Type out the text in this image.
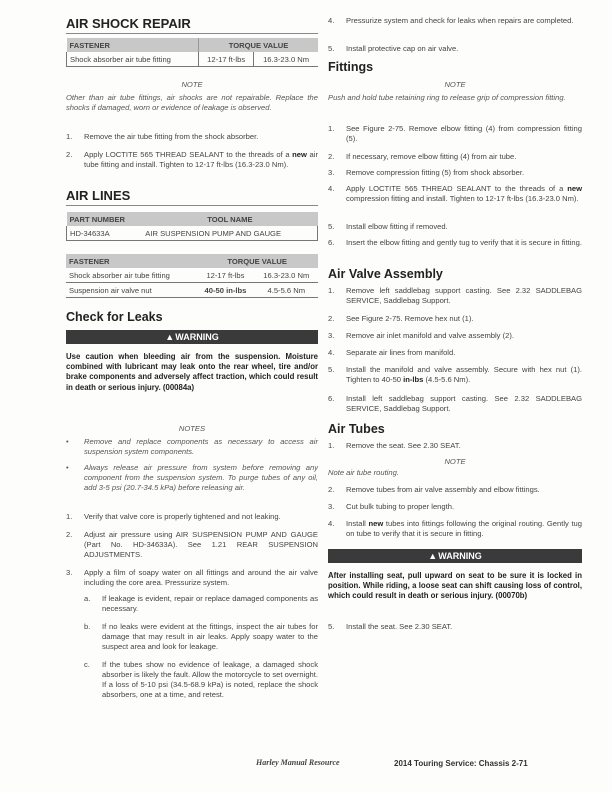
AIR SHOCK REPAIR
FASTENER	TORQUE VALUE	
Shock absorber air tube fitting	12-17 ft-lbs	16.3-23.0 Nm
NOTE
Other than air tube fittings, air shocks are not repairable. Replace the shocks if damaged, worn or evidence of leakage is observed.
1. Remove the air tube fitting from the shock absorber.
2. Apply LOCTITE 565 THREAD SEALANT to the threads of a new air tube fitting and install. Tighten to 12-17 ft-lbs (16.3-23.0 Nm).
AIR LINES
PART NUMBER	TOOL NAME
HD-34633A	AIR SUSPENSION PUMP AND GAUGE
FASTENER	TORQUE VALUE	
Shock absorber air tube fitting	12-17 ft-lbs	16.3-23.0 Nm
Suspension air valve nut	40-50 in-lbs	4.5-5.6 Nm
Check for Leaks
▲WARNING
Use caution when bleeding air from the suspension. Moisture combined with lubricant may leak onto the rear wheel, tire and/or brake components and adversely affect traction, which could result in death or serious injury. (00084a)
NOTES
• Remove and replace components as necessary to access air suspension system components.
• Always release air pressure from system before removing any component from the suspension system. To purge tubes of any oil, add 3-5 psi (20.7-34.5 kPa) before releasing air.
1. Verify that valve core is properly tightened and not leaking.
2. Adjust air pressure using AIR SUSPENSION PUMP AND GAUGE (Part No. HD-34633A). See 1.21 REAR SUSPENSION ADJUSTMENTS.
3. Apply a film of soapy water on all fittings and around the air valve including the core area. Pressurize system.
a. If leakage is evident, repair or replace damaged components as necessary.
b. If no leaks were evident at the fittings, inspect the air tubes for damage that may result in air leaks. Apply soapy water to the suspect area and look for leakage.
c. If the tubes show no evidence of leakage, a damaged shock absorber is likely the fault. Allow the motorcycle to set overnight. If a loss of 5-10 psi (34.5-68.9 kPa) is noted, replace the shock absorbers, one at a time, and retest.
4. Pressurize system and check for leaks when repairs are completed.
5. Install protective cap on air valve.
Fittings
NOTE
Push and hold tube retaining ring to release grip of compression fitting.
1. See Figure 2-75. Remove elbow fitting (4) from compression fitting (5).
2. If necessary, remove elbow fitting (4) from air tube.
3. Remove compression fitting (5) from shock absorber.
4. Apply LOCTITE 565 THREAD SEALANT to the threads of a new compression fitting and install. Tighten to 12-17 ft-lbs (16.3-23.0 Nm).
5. Install elbow fitting if removed.
6. Insert the elbow fitting and gently tug to verify that it is secure in fitting.
Air Valve Assembly
1. Remove left saddlebag support casting. See 2.32 SADDLEBAG SERVICE, Saddlebag Support.
2. See Figure 2-75. Remove hex nut (1).
3. Remove air inlet manifold and valve assembly (2).
4. Separate air lines from manifold.
5. Install the manifold and valve assembly. Secure with hex nut (1). Tighten to 40-50 in-lbs (4.5-5.6 Nm).
6. Install left saddlebag support casting. See 2.32 SADDLEBAG SERVICE, Saddlebag Support.
Air Tubes
1. Remove the seat. See 2.30 SEAT.
NOTE
Note air tube routing.
2. Remove tubes from air valve assembly and elbow fittings.
3. Cut bulk tubing to proper length.
4. Install new tubes into fittings following the original routing. Gently tug on tube to verify that it is secure in fitting.
▲WARNING
After installing seat, pull upward on seat to be sure it is locked in position. While riding, a loose seat can shift causing loss of control, which could result in death or serious injury. (00070b)
5. Install the seat. See 2.30 SEAT.
Harley Manual Resource	2014 Touring Service: Chassis 2-71
